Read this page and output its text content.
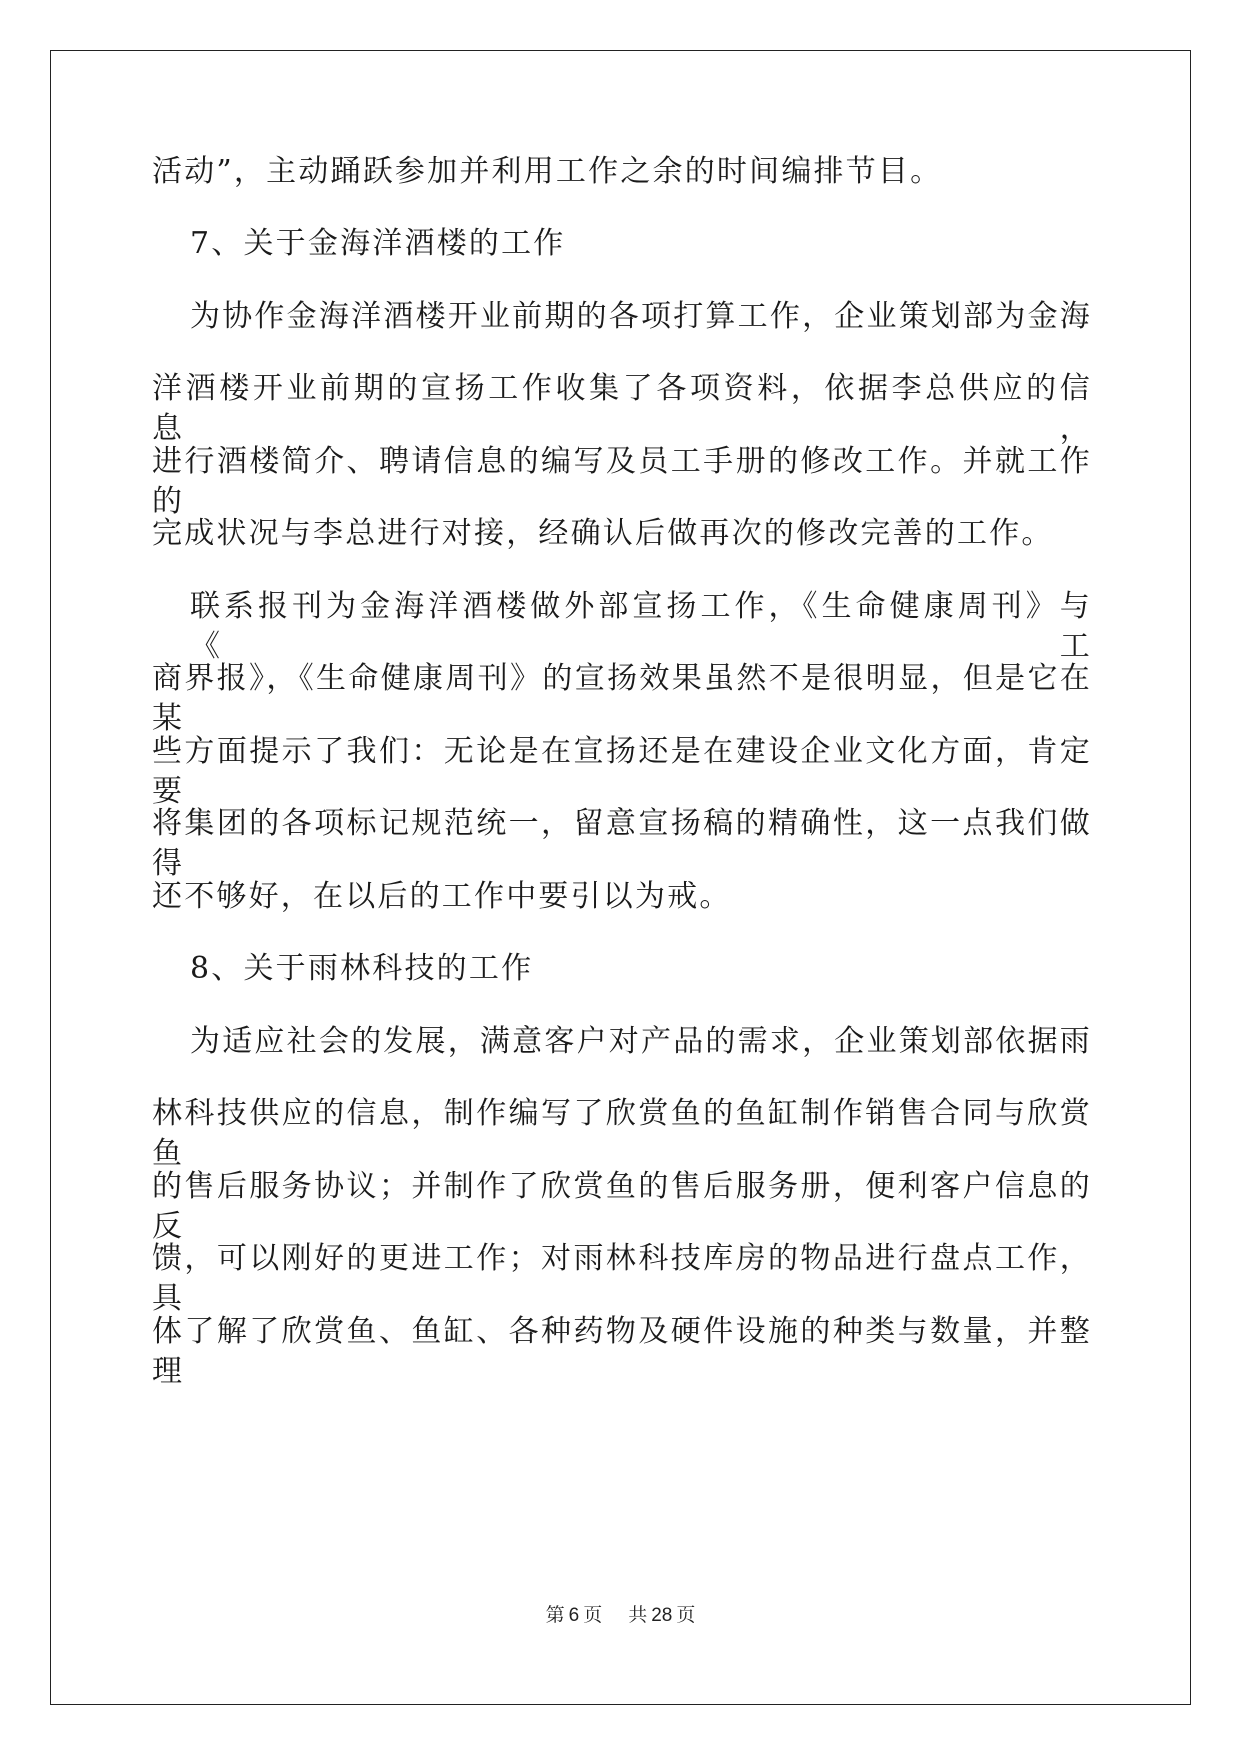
活动”，主动踊跃参加并利用工作之余的时间编排节目。
7、关于金海洋酒楼的工作
为协作金海洋酒楼开业前期的各项打算工作，企业策划部为金海
洋酒楼开业前期的宣扬工作收集了各项资料，依据李总供应的信息，
进行酒楼简介、聘请信息的编写及员工手册的修改工作。并就工作的
完成状况与李总进行对接，经确认后做再次的修改完善的工作。
联系报刊为金海洋酒楼做外部宣扬工作，《生命健康周刊》与《工
商界报》，《生命健康周刊》的宣扬效果虽然不是很明显，但是它在某
些方面提示了我们：无论是在宣扬还是在建设企业文化方面，肯定要
将集团的各项标记规范统一，留意宣扬稿的精确性，这一点我们做得
还不够好，在以后的工作中要引以为戒。
8、关于雨林科技的工作
为适应社会的发展，满意客户对产品的需求，企业策划部依据雨
林科技供应的信息，制作编写了欣赏鱼的鱼缸制作销售合同与欣赏鱼
的售后服务协议；并制作了欣赏鱼的售后服务册，便利客户信息的反
馈，可以刚好的更进工作；对雨林科技库房的物品进行盘点工作，具
体了解了欣赏鱼、鱼缸、各种药物及硬件设施的种类与数量，并整理
第 6 页 共 28 页
